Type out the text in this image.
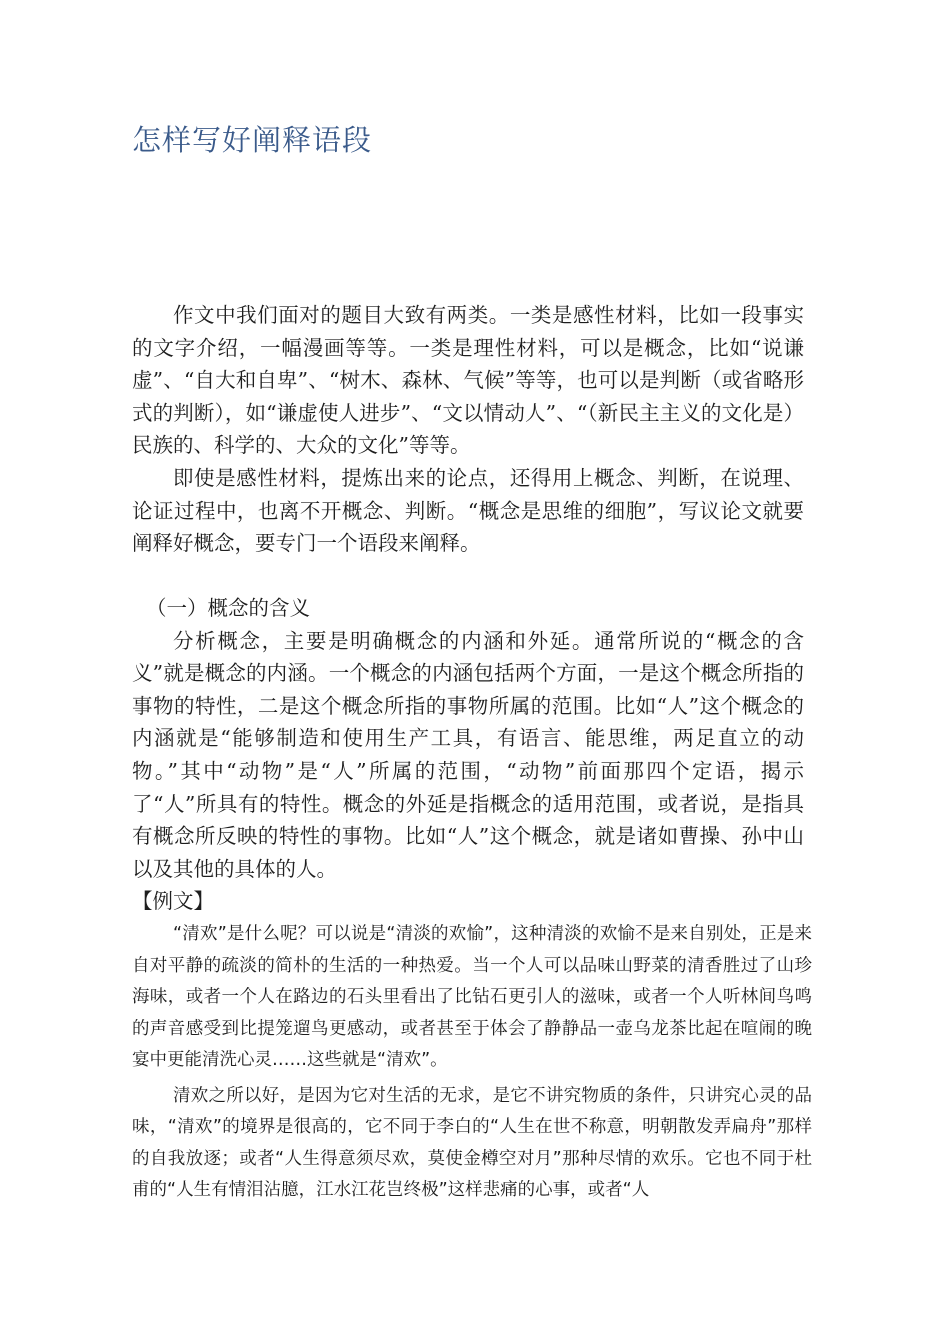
怎样写好阐释语段

作文中我们面对的题目大致有两类。一类是感性材料，比如一段事实的文字介绍，一幅漫画等等。一类是理性材料，可以是概念，比如“说谦虚”、“自大和自卑”、“树木、森林、气候”等等，也可以是判断（或省略形式的判断），如“谦虚使人进步”、“文以情动人”、“（新民主主义的文化是）民族的、科学的、大众的文化”等等。

即使是感性材料，提炼出来的论点，还得用上概念、判断，在说理、论证过程中，也离不开概念、判断。“概念是思维的细胞”，写议论文就要阐释好概念，要专门一个语段来阐释。

（一）概念的含义

分析概念，主要是明确概念的内涵和外延。通常所说的“概念的含义”就是概念的内涵。一个概念的内涵包括两个方面，一是这个概念所指的事物的特性，二是这个概念所指的事物所属的范围。比如“人”这个概念的内涵就是“能够制造和使用生产工具，有语言、能思维，两足直立的动物。”其中“动物”是“人”所属的范围，“动物”前面那四个定语，揭示了“人”所具有的特性。概念的外延是指概念的适用范围，或者说，是指具有概念所反映的特性的事物。比如“人”这个概念，就是诸如曹操、孙中山以及其他的具体的人。

【例文】

“清欢”是什么呢？可以说是“清淡的欢愉”，这种清淡的欢愉不是来自别处，正是来自对平静的疏淡的简朴的生活的一种热爱。当一个人可以品味山野菜的清香胜过了山珍海味，或者一个人在路边的石头里看出了比钻石更引人的滋味，或者一个人听林间鸟鸣的声音感受到比提笼遛鸟更感动，或者甚至于体会了静静品一壶乌龙茶比起在喧闹的晚宴中更能清洗心灵……这些就是“清欢”。

清欢之所以好，是因为它对生活的无求，是它不讲究物质的条件，只讲究心灵的品味，“清欢”的境界是很高的，它不同于李白的“人生在世不称意，明朝散发弄扁舟”那样的自我放逐；或者“人生得意须尽欢，莫使金樽空对月”那种尽情的欢乐。它也不同于杜甫的“人生有情泪沾臆，江水江花岂终极”这样悲痛的心事，或者“人
